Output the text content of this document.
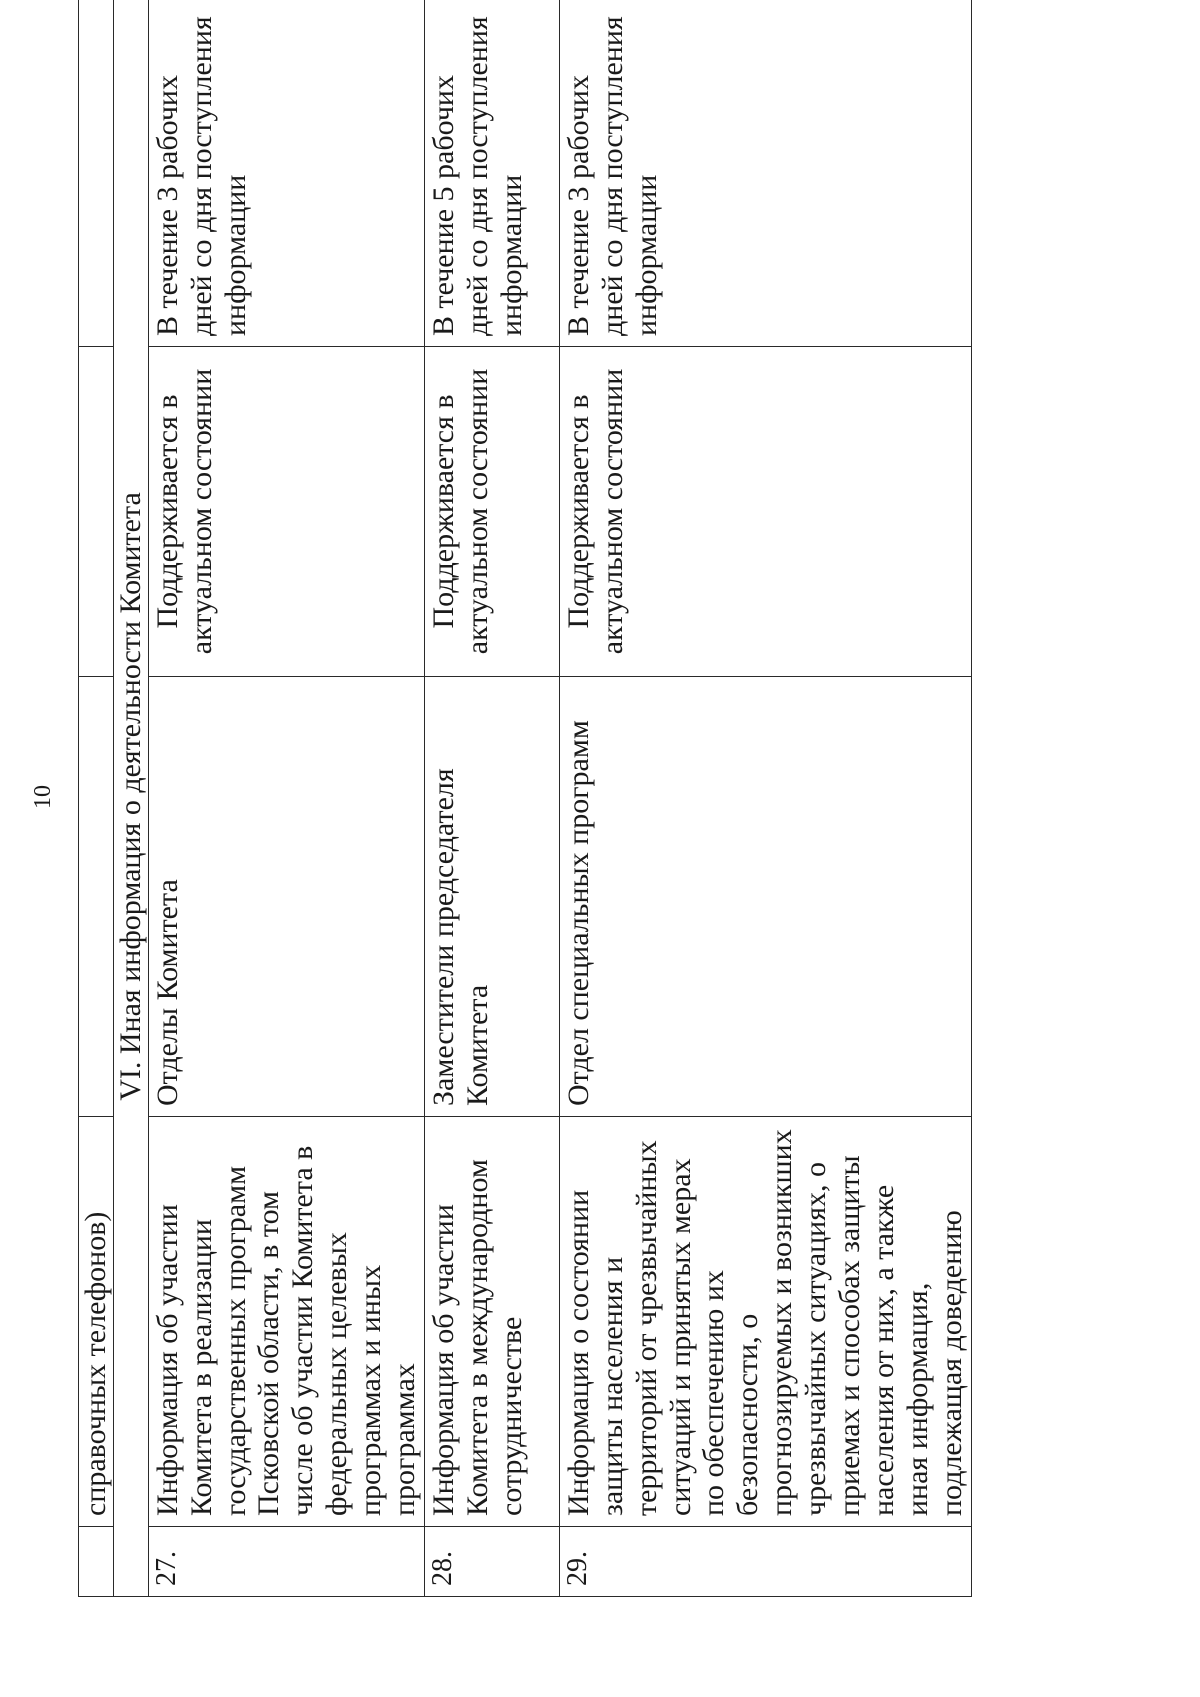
10
	справочных телефонов)			
VI. Иная информация о деятельности Комитета				
27.	Информация об участии Комитета в реализации государственных программ Псковской области, в том числе об участии Комитета в федеральных целевых программах и иных программах	Отделы Комитета	Поддерживается в актуальном состоянии	В течение 3 рабочих дней со дня поступления информации
28.	Информация об участии Комитета в международном сотрудничестве	Заместители председателя Комитета	Поддерживается в актуальном состоянии	В течение 5 рабочих дней со дня поступления информации
29.	Информация о состоянии защиты населения и территорий от чрезвычайных ситуаций и принятых мерах по обеспечению их безопасности, о прогнозируемых и возникших чрезвычайных ситуациях, о приемах и способах защиты населения от них, а также иная информация, подлежащая доведению	Отдел специальных программ	Поддерживается в актуальном состоянии	В течение 3 рабочих дней со дня поступления информации
